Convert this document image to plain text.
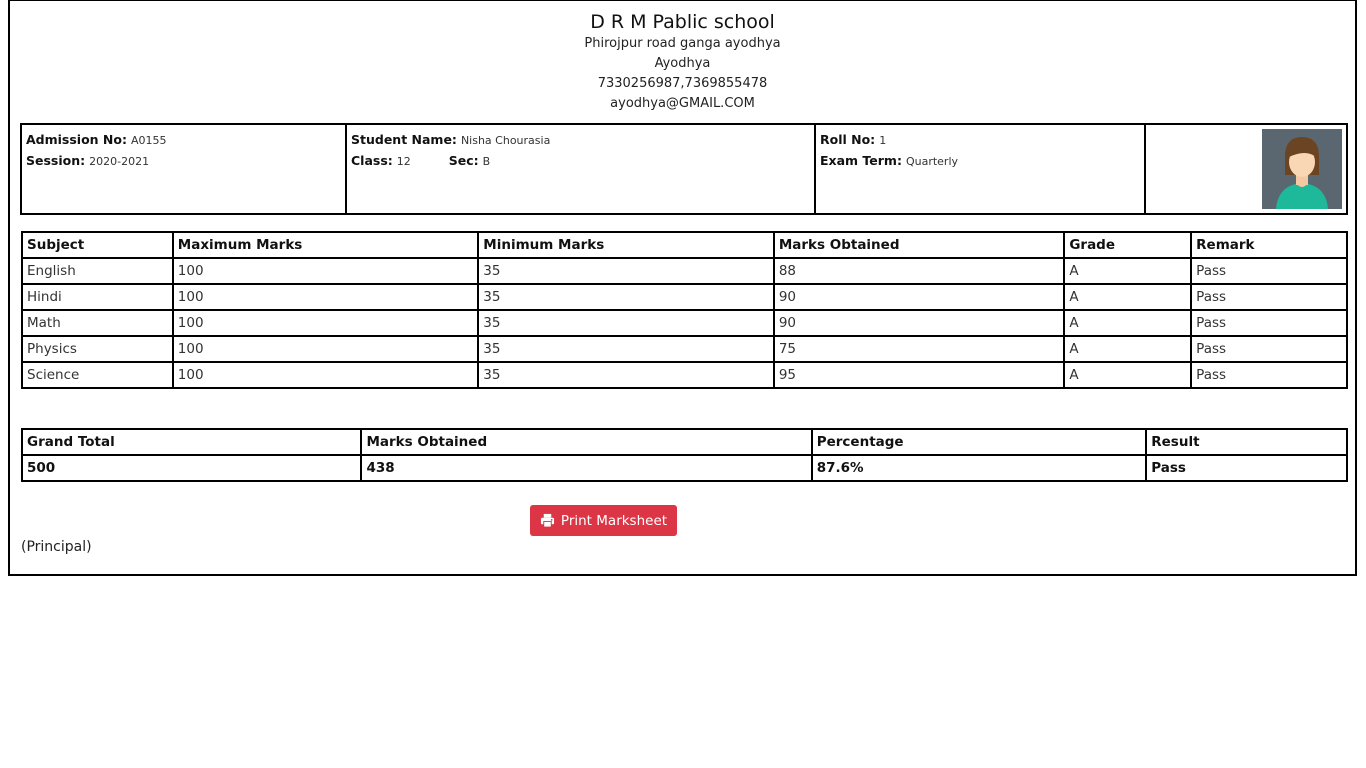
D R M Pablic school
Phirojpur road ganga ayodhya
Ayodhya
7330256987,7369855478
ayodhya@GMAIL.COM
Admission No: A0155
Session: 2020-2021
Student Name: Nisha Chourasia
Class: 12	Sec: B
Roll No: 1
Exam Term: Quarterly
Subject	Maximum Marks	Minimum Marks	Marks Obtained	Grade	Remark
English	100	35	88	A	Pass
Hindi	100	35	90	A	Pass
Math	100	35	90	A	Pass
Physics	100	35	75	A	Pass
Science	100	35	95	A	Pass
Grand Total	Marks Obtained	Percentage	Result
500	438	87.6%	Pass
Print Marksheet
(Principal)
